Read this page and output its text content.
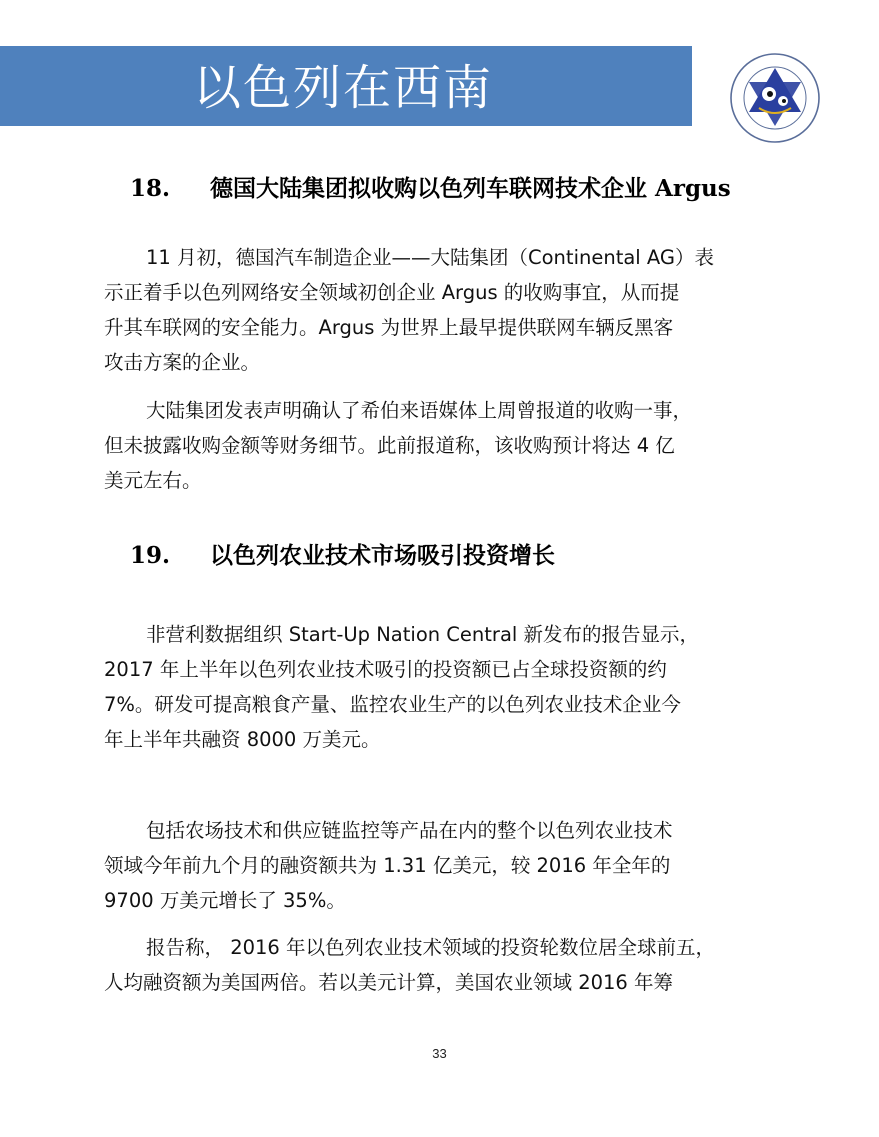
以色列在西南
18. 德国大陆集团拟收购以色列车联网技术企业 Argus
11 月初，德国汽车制造企业——大陆集团（Continental AG）表
示正着手以色列网络安全领域初创企业 Argus 的收购事宜，从而提
升其车联网的安全能力。Argus 为世界上最早提供联网车辆反黑客
攻击方案的企业。
大陆集团发表声明确认了希伯来语媒体上周曾报道的收购一事，
但未披露收购金额等财务细节。此前报道称，该收购预计将达 4 亿
美元左右。
19. 以色列农业技术市场吸引投资增长
非营利数据组织 Start-Up Nation Central 新发布的报告显示，
2017 年上半年以色列农业技术吸引的投资额已占全球投资额的约
7%。研发可提高粮食产量、监控农业生产的以色列农业技术企业今
年上半年共融资 8000 万美元。
包括农场技术和供应链监控等产品在内的整个以色列农业技术
领域今年前九个月的融资额共为 1.31 亿美元，较 2016 年全年的
9700 万美元增长了 35%。
报告称， 2016 年以色列农业技术领域的投资轮数位居全球前五，
人均融资额为美国两倍。若以美元计算，美国农业领域 2016 年筹
33
